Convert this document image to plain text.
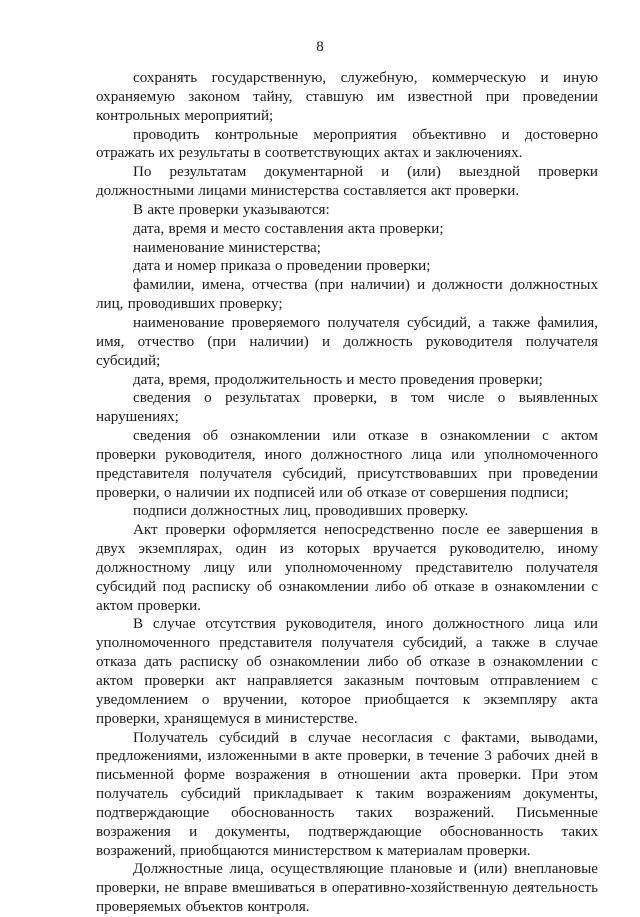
8

сохранять государственную, служебную, коммерческую и иную охраняемую законом тайну, ставшую им известной при проведении контрольных мероприятий;

проводить контрольные мероприятия объективно и достоверно отражать их результаты в соответствующих актах и заключениях.

По результатам документарной и (или) выездной проверки должностными лицами министерства составляется акт проверки.

В акте проверки указываются:

дата, время и место составления акта проверки;

наименование министерства;

дата и номер приказа о проведении проверки;

фамилии, имена, отчества (при наличии) и должности должностных лиц, проводивших проверку;

наименование проверяемого получателя субсидий, а также фамилия, имя, отчество (при наличии) и должность руководителя получателя субсидий;

дата, время, продолжительность и место проведения проверки;

сведения о результатах проверки, в том числе о выявленных нарушениях;

сведения об ознакомлении или отказе в ознакомлении с актом проверки руководителя, иного должностного лица или уполномоченного представителя получателя субсидий, присутствовавших при проведении проверки, о наличии их подписей или об отказе от совершения подписи;

подписи должностных лиц, проводивших проверку.

Акт проверки оформляется непосредственно после ее завершения в двух экземплярах, один из которых вручается руководителю, иному должностному лицу или уполномоченному представителю получателя субсидий под расписку об ознакомлении либо об отказе в ознакомлении с актом проверки.

В случае отсутствия руководителя, иного должностного лица или уполномоченного представителя получателя субсидий, а также в случае отказа дать расписку об ознакомлении либо об отказе в ознакомлении с актом проверки акт направляется заказным почтовым отправлением с уведомлением о вручении, которое приобщается к экземпляру акта проверки, хранящемуся в министерстве.

Получатель субсидий в случае несогласия с фактами, выводами, предложениями, изложенными в акте проверки, в течение 3 рабочих дней в письменной форме возражения в отношении акта проверки. При этом получатель субсидий прикладывает к таким возражениям документы, подтверждающие обоснованность таких возражений. Письменные возражения и документы, подтверждающие обоснованность таких возражений, приобщаются министерством к материалам проверки.

Должностные лица, осуществляющие плановые и (или) внеплановые проверки, не вправе вмешиваться в оперативно-хозяйственную деятельность проверяемых объектов контроля.
